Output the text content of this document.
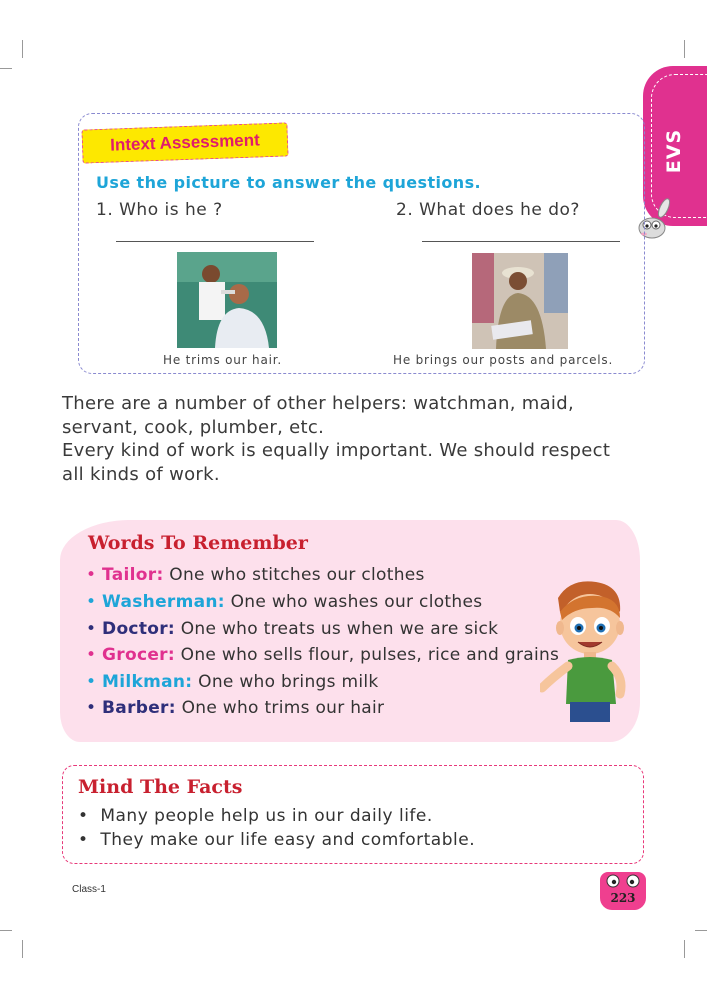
EVS
Intext Assessment
Use the picture to answer the questions.
1. Who is he ?	2. What does he do?
He trims our hair.	He brings our posts and parcels.
There are a number of other helpers: watchman, maid,
servant, cook, plumber, etc.
Every kind of work is equally important. We should respect
all kinds of work.
Words To Remember
• Tailor: One who stitches our clothes
• Washerman: One who washes our clothes
• Doctor: One who treats us when we are sick
• Grocer: One who sells flour, pulses, rice and grains
• Milkman: One who brings milk
• Barber: One who trims our hair
Mind The Facts
• Many people help us in our daily life.
• They make our life easy and comfortable.
Class-1
223
